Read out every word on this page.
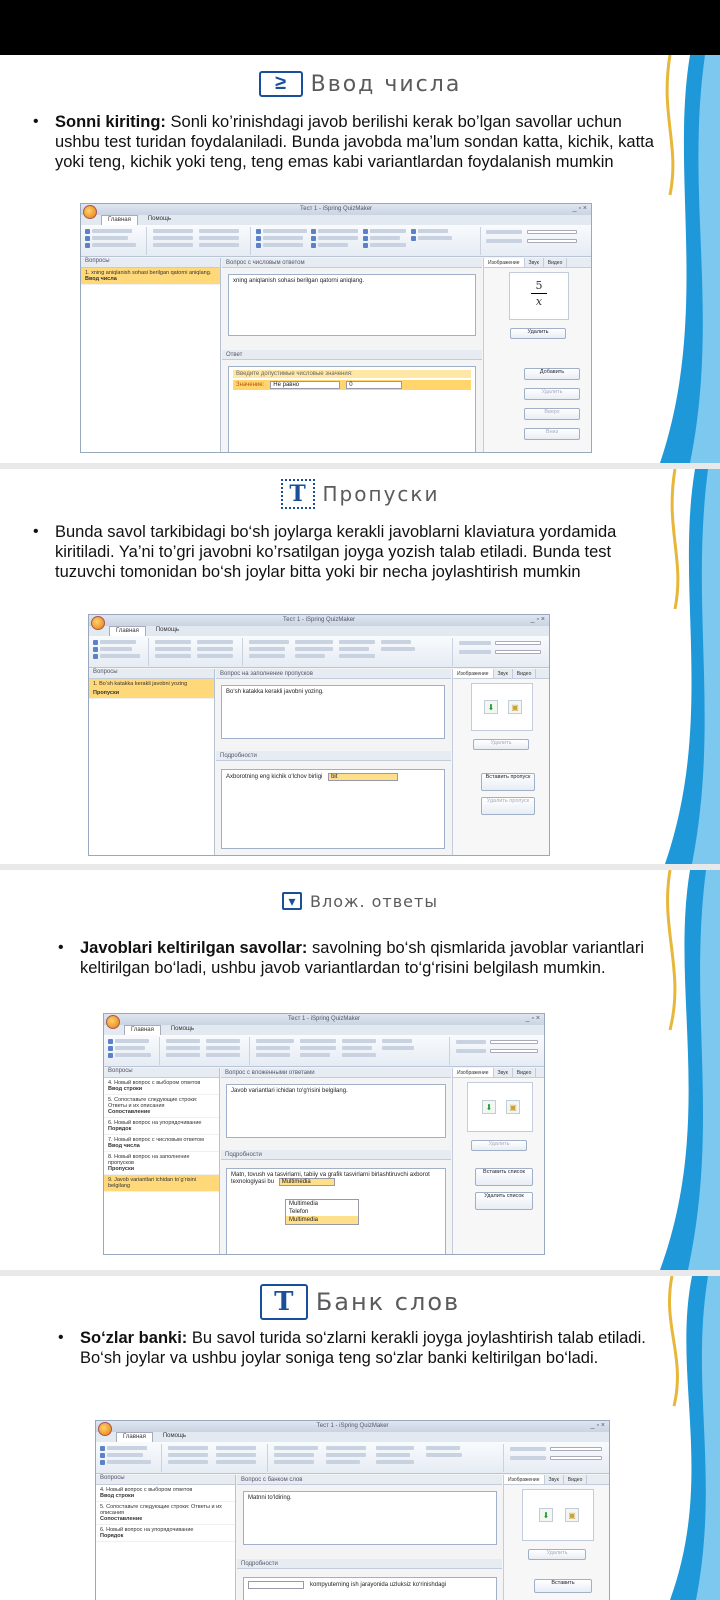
≥	Ввод числа
• Sonni kiriting: Sonli ko’rinishdagi javob berilishi kerak bo’lgan savollar uchun ushbu test turidan foydalaniladi. Bunda javobda ma’lum sondan katta, kichik, katta yoki teng, kichik yoki teng, teng emas kabi variantlardan foydalanish mumkin
Тест 1 - iSpring QuizMaker	_ ▫ ×
Главная	Помощь
Вопросы
1. xning aniqlanish sohasi berilgan qatorni aniqlang.
Ввод числа
Вопрос с числовым ответом
xning aniqlanish sohasi berilgan qatorni aniqlang.
Ответ
Введите допустимые числовые значения:
Значение:	Не равно	0
Изображение	Звук	Видео
5
x
Удалить
Добавить
Удалить
Вверх
Вниз
T Пропуски
• Bunda savol tarkibidagi bo‘sh joylarga kerakli javoblarni klaviatura yordamida kiritiladi. Ya’ni to’gri javobni ko’rsatilgan joyga yozish talab etiladi. Bunda test tuzuvchi tomonidan bo‘sh joylar bitta yoki bir necha joylashtirish mumkin
Тест 1 - iSpring QuizMaker	_ ▫ ×
Главная	Помощь
Вопросы
1. Bo‘sh katakka kerakli javobni yozing
Пропуски
Вопрос на заполнение пропусков
Bo‘sh katakka kerakli javobni yozing.
Подробности
Axborotning eng kichik o‘lchov birligi bit
Изображение	Звук	Видео
⬇	▣
Удалить
Вставить пропуск
Удалить пропуск
▾ Влож. ответы
• Javoblari keltirilgan savollar: savolning bo‘sh qismlarida javoblar variantlari keltirilgan bo‘ladi, ushbu javob variantlardan to‘g‘risini belgilash mumkin.
Тест 1 - iSpring QuizMaker	_ ▫ ×
Главная	Помощь
Вопросы
4. Новый вопрос с выбором ответов
Ввод строки
5. Сопоставьте следующие строки: Ответы и их описания
Сопоставление
6. Новый вопрос на упорядочивание
Порядок
7. Новый вопрос с числовым ответом
Ввод числа
8. Новый вопрос на заполнение пропусков
Пропуски
9. Javob variantlari ichidan to‘g‘risini belgilang
Вопрос с вложенными ответами
Javob variantlari ichidan to‘g‘risini belgilang.
Подробности
Matn, tovush va tasvirlarni, tabiiy va grafik tasvirlarni birlashtiruvchi axborot texnologiyasi bu Multimedia
Multimedia
Telefon
Multimedia
Изображение	Звук	Видео
⬇	▣
Удалить
Вставить список
Удалить список
T Банк слов
• So‘zlar banki: Bu savol turida so‘zlarni kerakli joyga joylashtirish talab etiladi. Bo‘sh joylar va ushbu joylar soniga teng so‘zlar banki keltirilgan bo‘ladi.
Тест 1 - iSpring QuizMaker	_ ▫ ×
Главная	Помощь
Вопросы
4. Новый вопрос с выбором ответов
Ввод строки
5. Сопоставьте следующие строки: Ответы и их описания
Сопоставление
6. Новый вопрос на упорядочивание
Порядок
Вопрос с банком слов
Matnni to‘ldiring.
Подробности
kompyuterning ish jarayonida uzluksiz ko‘rinishdagi
Изображение	Звук	Видео
⬇	▣
Удалить
Вставить
